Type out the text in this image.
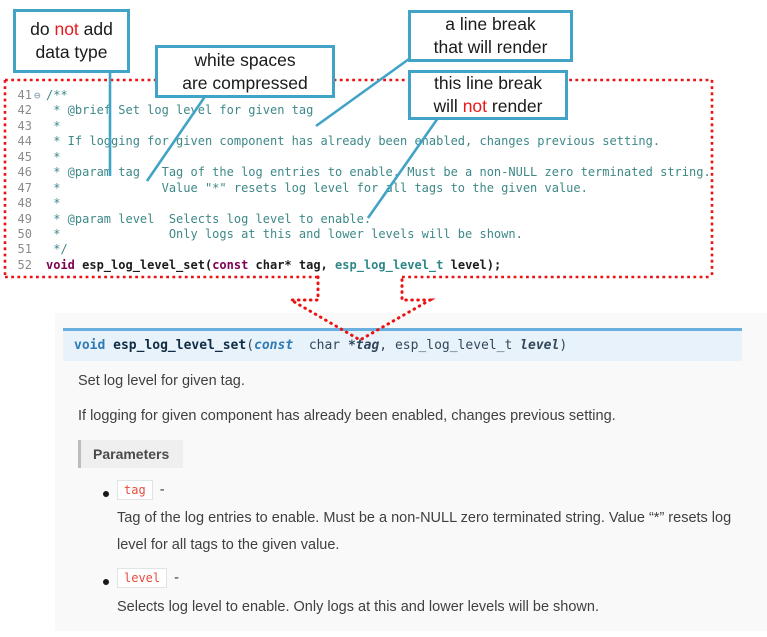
41 ⊖ /**
42  * @brief Set log level for given tag
43  *
44  * If logging for given component has already been enabled, changes previous setting.
45  *
46  * @param tag   Tag of the log entries to enable. Must be a non-NULL zero terminated string.
47  *              Value "*" resets log level for all tags to the given value.
48  *
49  * @param level  Selects log level to enable.
50  *               Only logs at this and lower levels will be shown.
51  */
52 void esp_log_level_set(const char* tag, esp_log_level_t level);
do not add
data type	white spaces
are compressed
a line break
that will render
this line break
will not render
void esp_log_level_set(const  char *tag, esp_log_level_t level)
Set log level for given tag.
If logging for given component has already been enabled, changes previous setting.
Parameters
tag -
Tag of the log entries to enable. Must be a non-NULL zero terminated string. Value “*” resets log level for all tags to the given value.
level -
Selects log level to enable. Only logs at this and lower levels will be shown.
